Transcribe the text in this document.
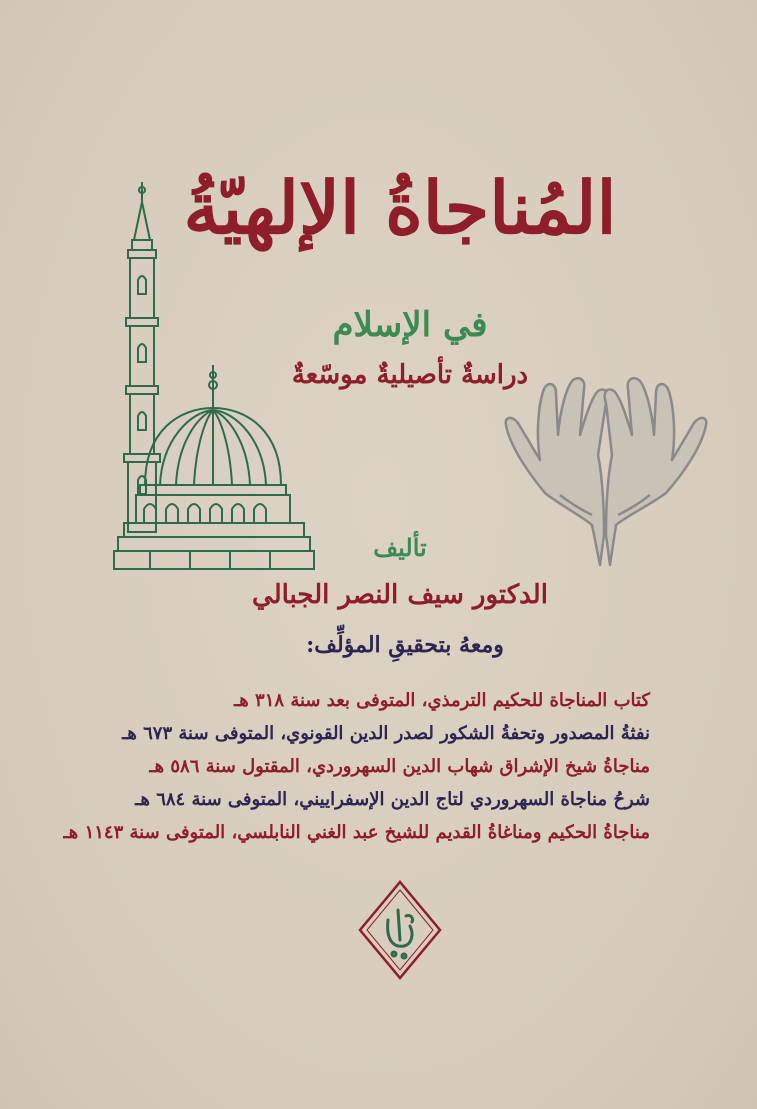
المُناجاةُ الإلهيّةُ
في الإسلام
دراسةٌ تأصيليةٌ موسّعةٌ
تأليف
الدكتور سيف النصر الجبالي
ومعهُ بتحقيقِ المؤلِّف:
كتاب المناجاة للحكيم الترمذي، المتوفى بعد سنة ٣١٨ هـ
نفثةُ المصدور وتحفةُ الشكور لصدر الدين القونوي، المتوفى سنة ٦٧٣ هـ
مناجاةُ شيخ الإشراق شهاب الدين السهروردي، المقتول سنة ٥٨٦ هـ
شرحُ مناجاة السهروردي لتاج الدين الإسفراييني، المتوفى سنة ٦٨٤ هـ
مناجاةُ الحكيم ومناغاةُ القديم للشيخ عبد الغني النابلسي، المتوفى سنة ١١٤٣ هـ
